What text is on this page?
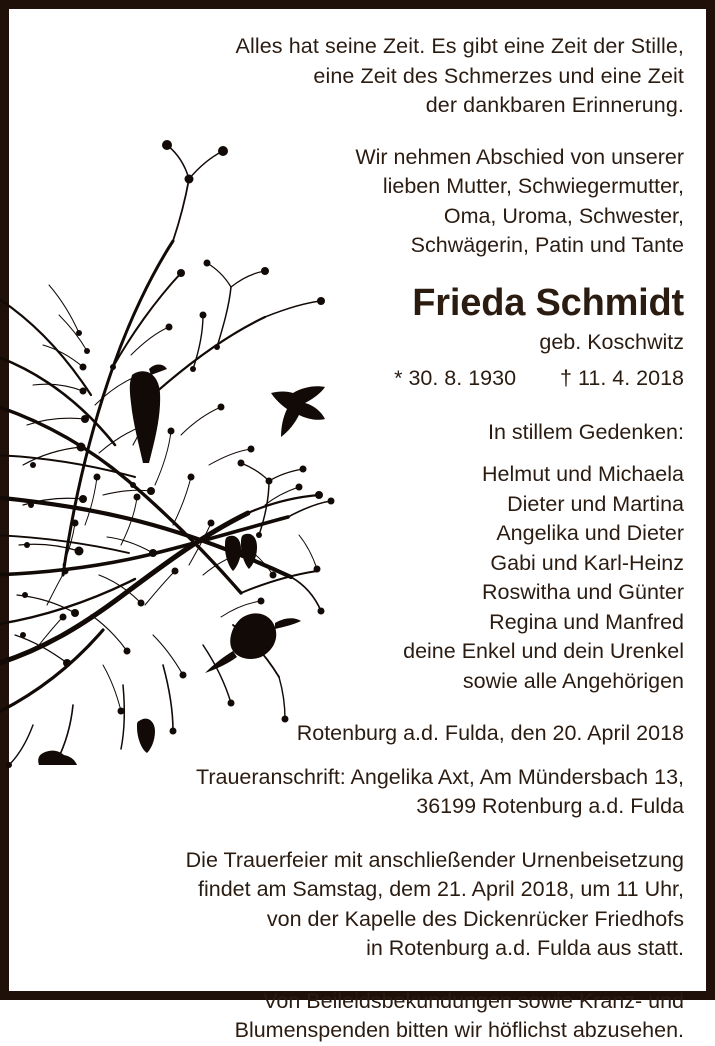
Alles hat seine Zeit. Es gibt eine Zeit der Stille,
eine Zeit des Schmerzes und eine Zeit
der dankbaren Erinnerung.
Wir nehmen Abschied von unserer
lieben Mutter, Schwiegermutter,
Oma, Uroma, Schwester,
Schwägerin, Patin und Tante
Frieda Schmidt
geb. Koschwitz
* 30. 8. 1930 † 11. 4. 2018
In stillem Gedenken:
Helmut und Michaela
Dieter und Martina
Angelika und Dieter
Gabi und Karl-Heinz
Roswitha und Günter
Regina und Manfred
deine Enkel und dein Urenkel
sowie alle Angehörigen
Rotenburg a.d. Fulda, den 20. April 2018
Traueranschrift: Angelika Axt, Am Mündersbach 13,
36199 Rotenburg a.d. Fulda
Die Trauerfeier mit anschließender Urnenbeisetzung
findet am Samstag, dem 21. April 2018, um 11 Uhr,
von der Kapelle des Dickenrücker Friedhofs
in Rotenburg a.d. Fulda aus statt.
Von Beileidsbekundungen sowie Kranz- und
Blumenspenden bitten wir höflichst abzusehen.
